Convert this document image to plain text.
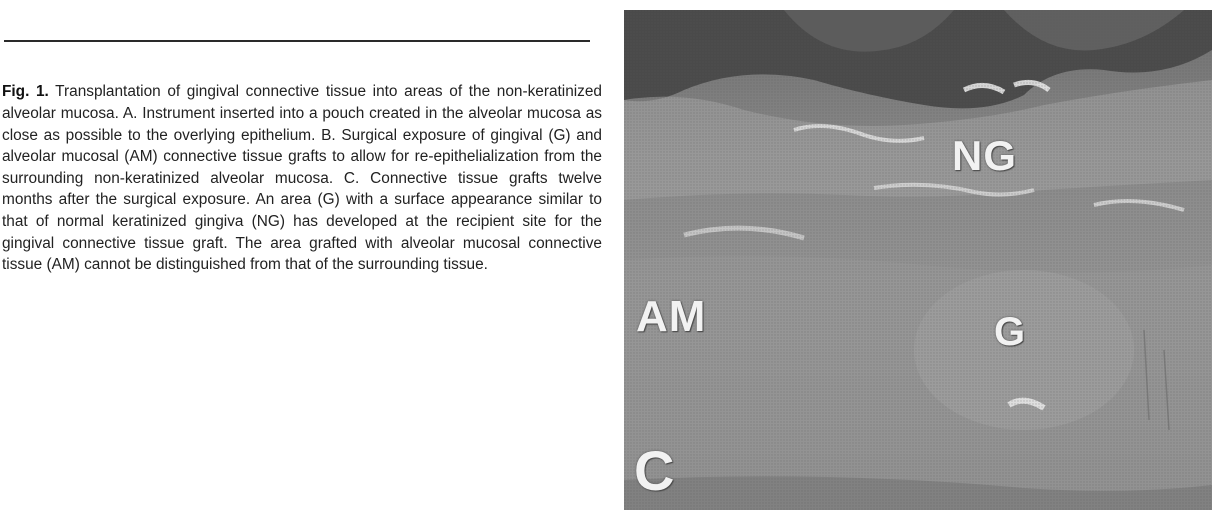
Fig. 1. Transplantation of gingival connective tissue into areas of the non-keratinized alveolar mucosa. A. Instrument inserted into a pouch created in the alveolar mucosa as close as possible to the overlying epithelium. B. Surgical exposure of gingival (G) and alveolar mucosal (AM) connective tissue grafts to allow for re-epithelialization from the surrounding non-keratinized alveolar mucosa. C. Connective tissue grafts twelve months after the surgical exposure. An area (G) with a surface appearance similar to that of normal keratinized gingiva (NG) has developed at the recipient site for the gingival connective tissue graft. The area grafted with alveolar mucosal connective tissue (AM) cannot be distinguished from that of the surrounding tissue.

NG
AM	G
C
